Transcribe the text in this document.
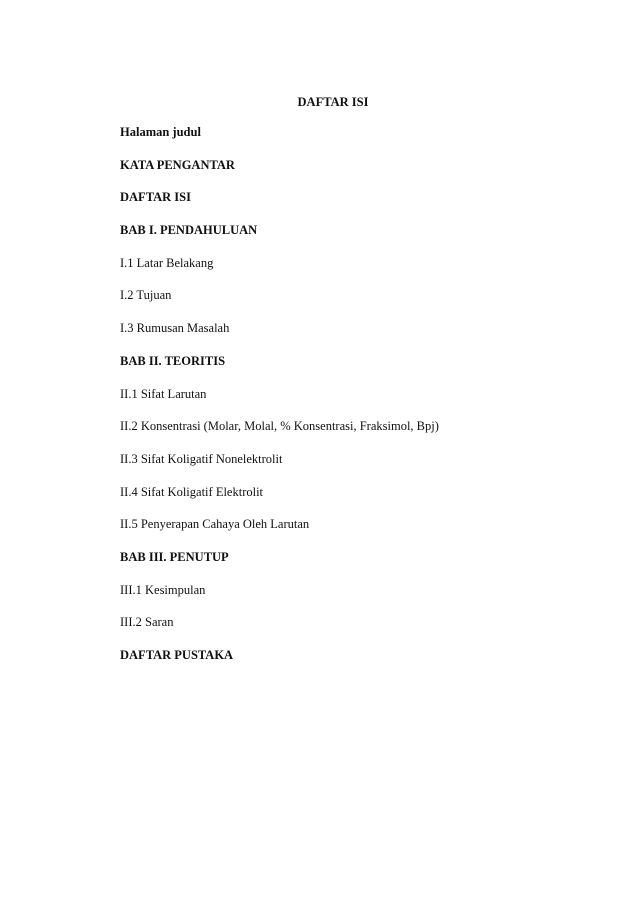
DAFTAR ISI
Halaman judul
KATA PENGANTAR
DAFTAR ISI
BAB I. PENDAHULUAN
I.1 Latar Belakang
I.2 Tujuan
I.3 Rumusan Masalah
BAB II. TEORITIS
II.1 Sifat Larutan
II.2 Konsentrasi (Molar, Molal, % Konsentrasi, Fraksimol, Bpj)
II.3 Sifat Koligatif Nonelektrolit
II.4 Sifat Koligatif Elektrolit
II.5 Penyerapan Cahaya Oleh Larutan
BAB III. PENUTUP
III.1 Kesimpulan
III.2 Saran
DAFTAR PUSTAKA
